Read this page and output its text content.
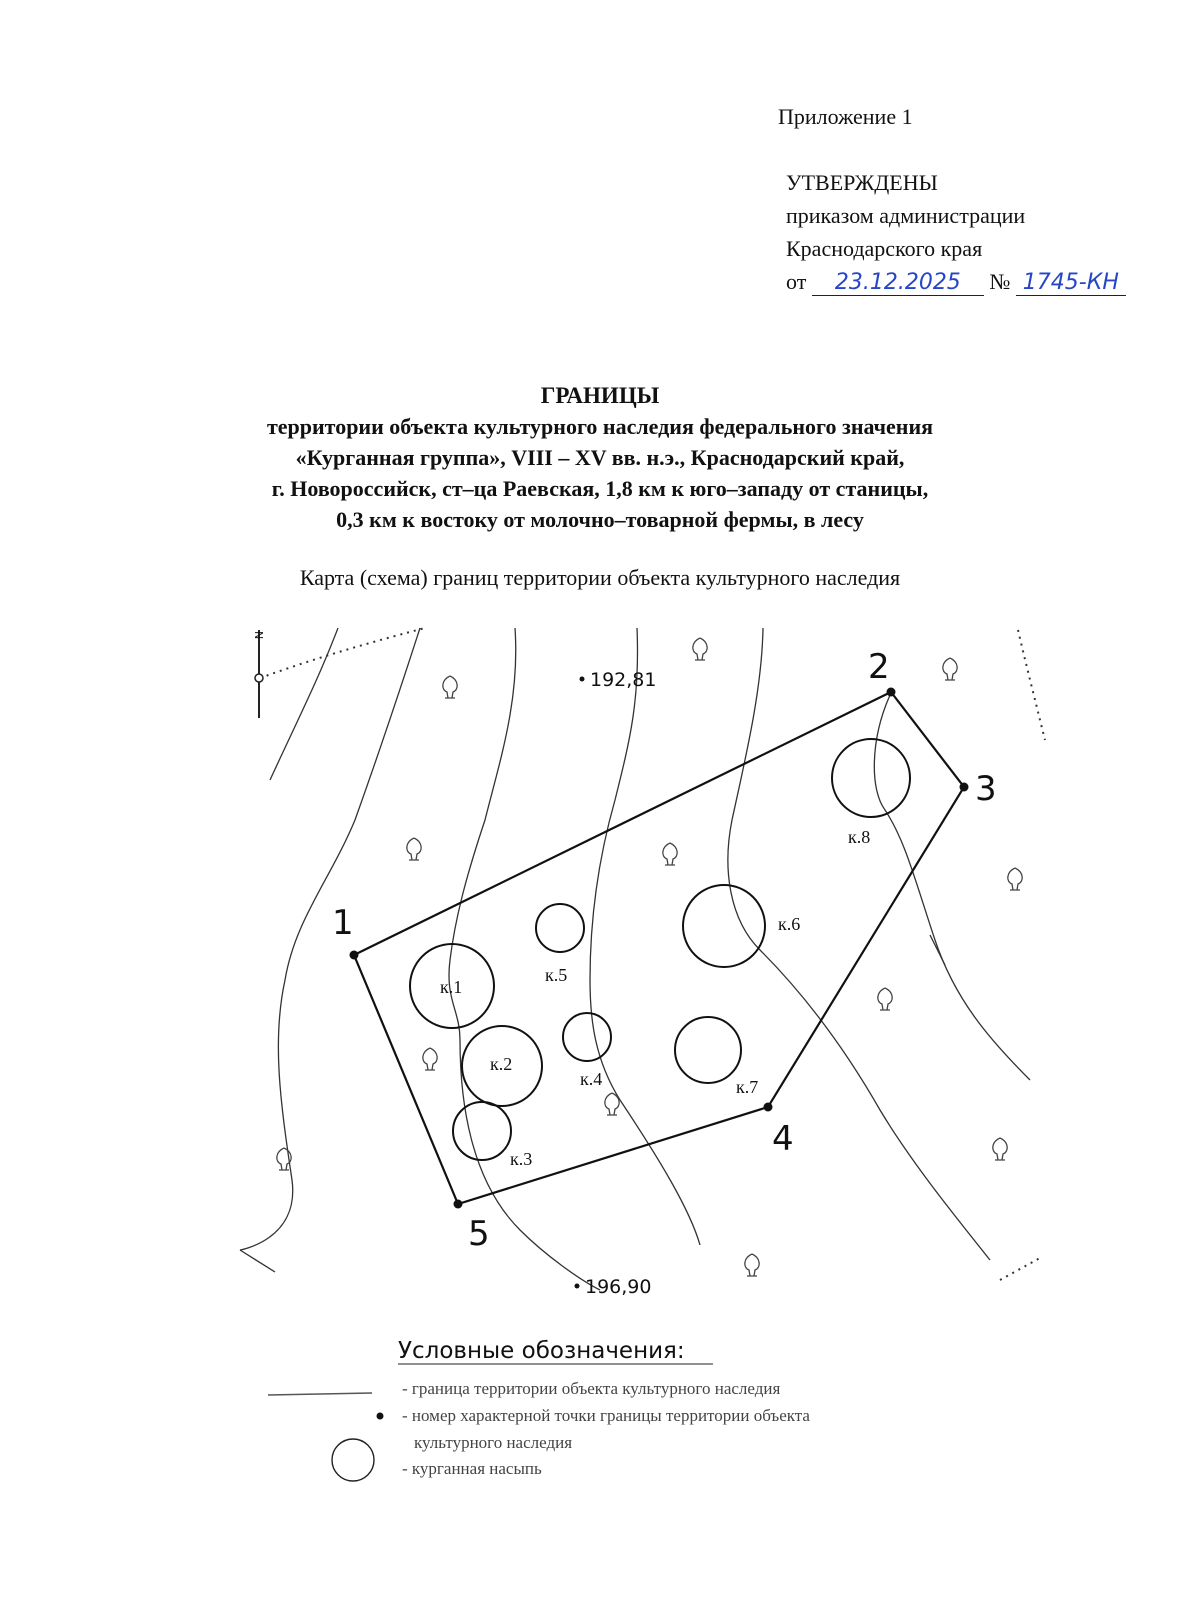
Приложение 1
УТВЕРЖДЕНЫ
приказом администрации
Краснодарского края
от 23.12.2025 № 1745-КН
ГРАНИЦЫ
территории объекта культурного наследия федерального значения
«Курганная группа», VIII – XV вв. н.э., Краснодарский край,
г. Новороссийск, ст–ца Раевская, 1,8 км к юго–западу от станицы,
0,3 км к востоку от молочно–товарной фермы, в лесу
Карта (схема) границ территории объекта культурного наследия
N
1
2
3
4
5
к.1
к.2
к.3
к.4
к.5
к.6
к.7
к.8
192,81
196,90
Условные обозначения:
- граница территории объекта культурного наследия
- номер характерной точки границы территории объекта
культурного наследия
- курганная насыпь
